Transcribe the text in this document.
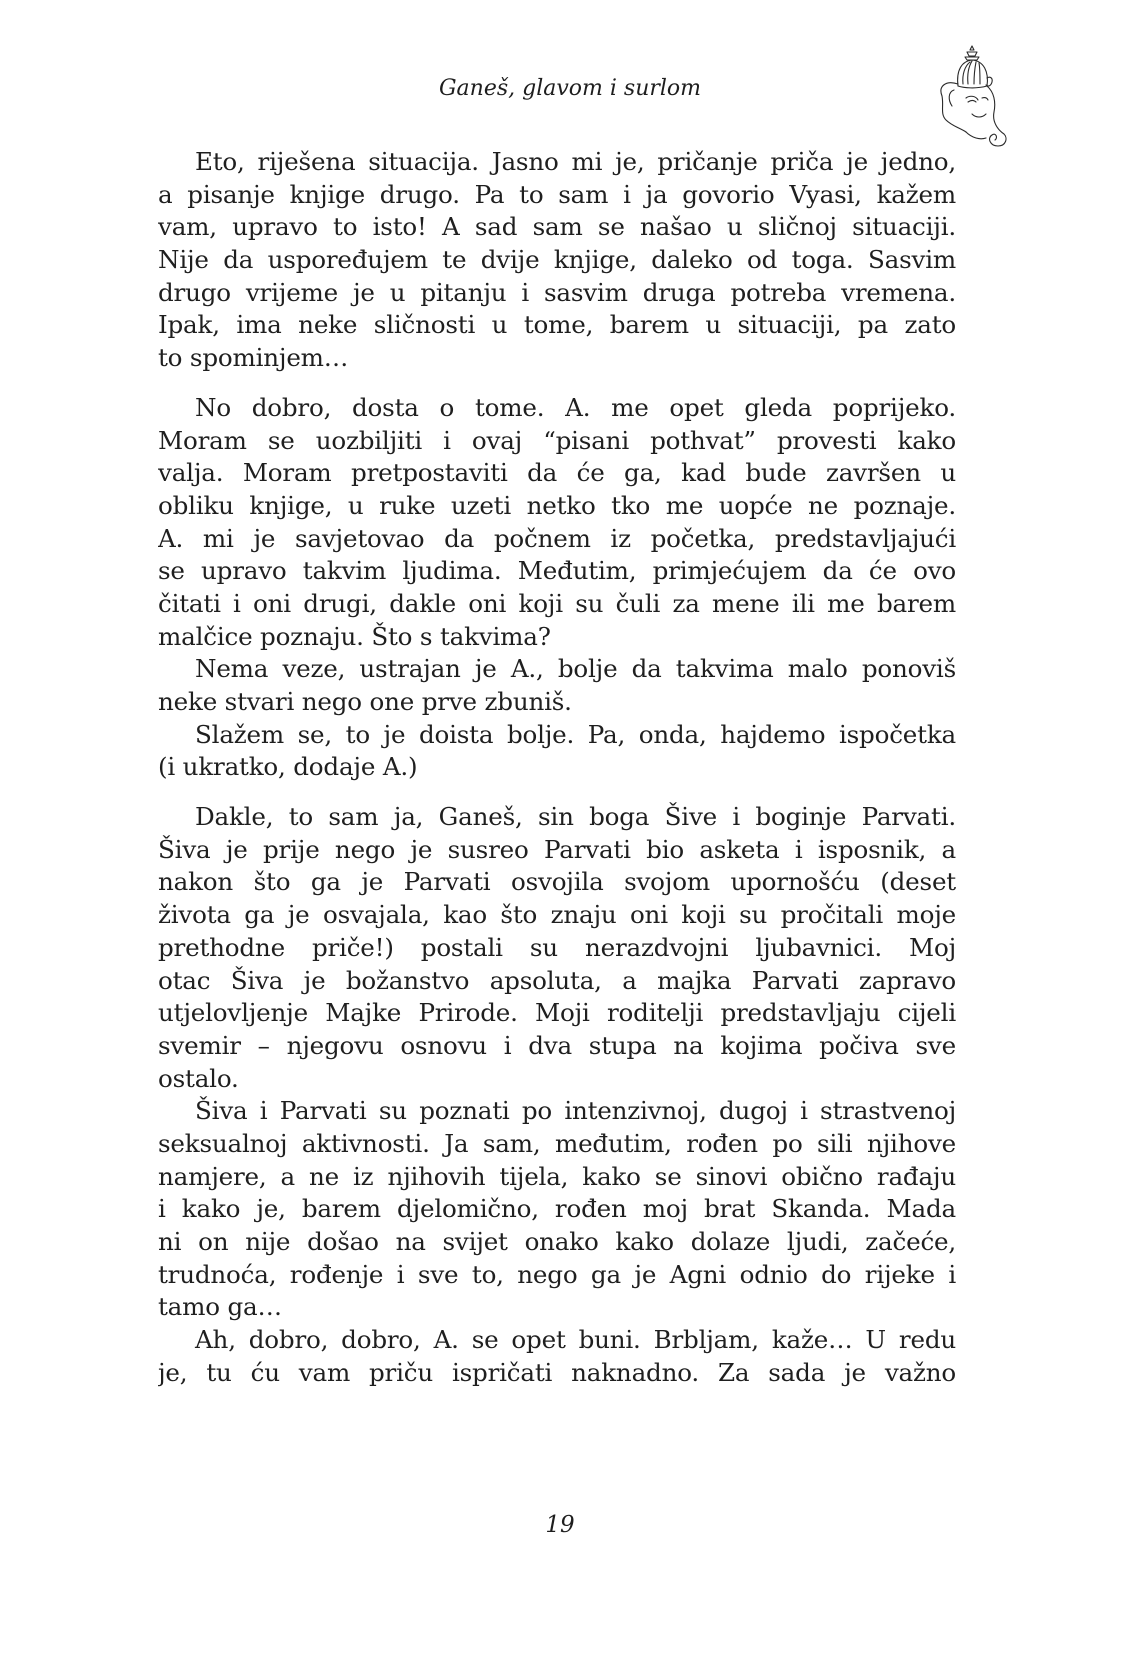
Ganeš, glavom i surlom
Eto, riješena situacija. Jasno mi je, pričanje priča je jedno,
a pisanje knjige drugo. Pa to sam i ja govorio Vyasi, kažem
vam, upravo to isto! A sad sam se našao u sličnoj situaciji.
Nije da uspoređujem te dvije knjige, daleko od toga. Sasvim
drugo vrijeme je u pitanju i sasvim druga potreba vremena.
Ipak, ima neke sličnosti u tome, barem u situaciji, pa zato
to spominjem…
No dobro, dosta o tome. A. me opet gleda poprijeko.
Moram se uozbiljiti i ovaj “pisani pothvat” provesti kako
valja. Moram pretpostaviti da će ga, kad bude završen u
obliku knjige, u ruke uzeti netko tko me uopće ne poznaje.
A. mi je savjetovao da počnem iz početka, predstavljajući
se upravo takvim ljudima. Međutim, primjećujem da će ovo
čitati i oni drugi, dakle oni koji su čuli za mene ili me barem
malčice poznaju. Što s takvima?
Nema veze, ustrajan je A., bolje da takvima malo ponoviš
neke stvari nego one prve zbuniš.
Slažem se, to je doista bolje. Pa, onda, hajdemo ispočetka
(i ukratko, dodaje A.)
Dakle, to sam ja, Ganeš, sin boga Šive i boginje Parvati.
Šiva je prije nego je susreo Parvati bio asketa i isposnik, a
nakon što ga je Parvati osvojila svojom upornošću (deset
života ga je osvajala, kao što znaju oni koji su pročitali moje
prethodne priče!) postali su nerazdvojni ljubavnici. Moj
otac Šiva je božanstvo apsoluta, a majka Parvati zapravo
utjelovljenje Majke Prirode. Moji roditelji predstavljaju cijeli
svemir – njegovu osnovu i dva stupa na kojima počiva sve
ostalo.
Šiva i Parvati su poznati po intenzivnoj, dugoj i strastvenoj
seksualnoj aktivnosti. Ja sam, međutim, rođen po sili njihove
namjere, a ne iz njihovih tijela, kako se sinovi obično rađaju
i kako je, barem djelomično, rođen moj brat Skanda. Mada
ni on nije došao na svijet onako kako dolaze ljudi, začeće,
trudnoća, rođenje i sve to, nego ga je Agni odnio do rijeke i
tamo ga…
Ah, dobro, dobro, A. se opet buni. Brbljam, kaže… U redu
je, tu ću vam priču ispričati naknadno. Za sada je važno
19
